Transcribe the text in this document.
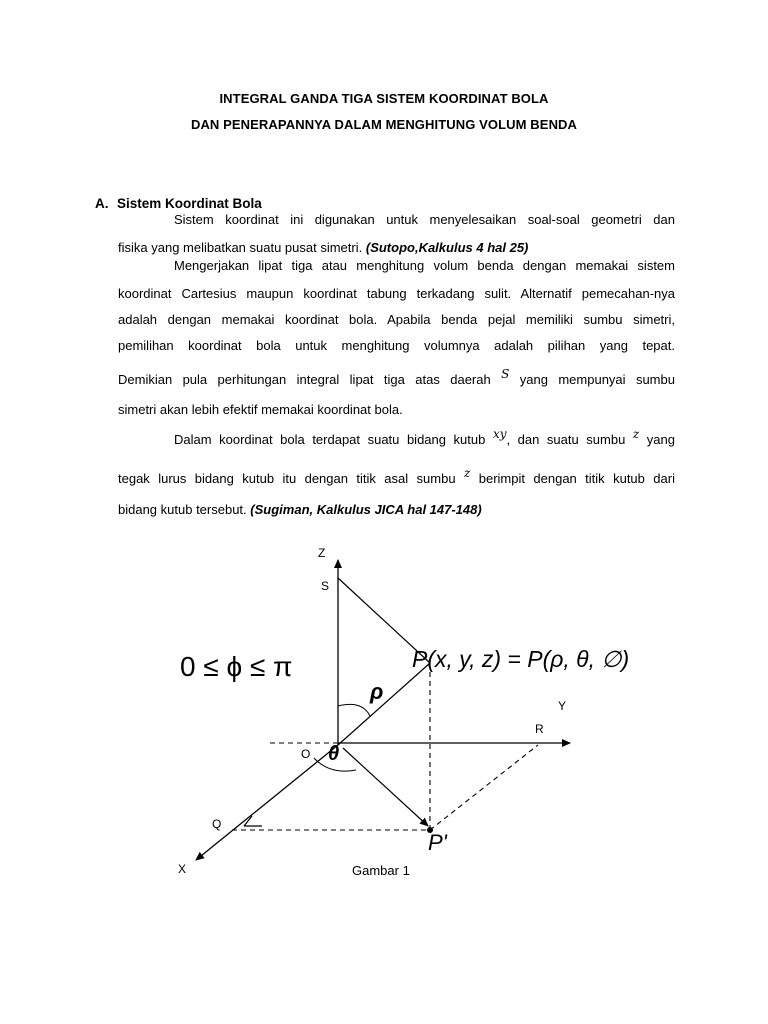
INTEGRAL GANDA TIGA SISTEM KOORDINAT BOLA
DAN PENERAPANNYA DALAM MENGHITUNG VOLUM BENDA
A. Sistem Koordinat Bola
Sistem koordinat ini digunakan untuk menyelesaikan soal-soal geometri dan
fisika yang melibatkan suatu pusat simetri. (Sutopo,Kalkulus 4 hal 25)
Mengerjakan lipat tiga atau menghitung volum benda dengan memakai sistem
koordinat Cartesius maupun koordinat tabung terkadang sulit. Alternatif pemecahan-nya
adalah dengan memakai koordinat bola. Apabila benda pejal memiliki sumbu simetri,
pemilihan koordinat bola untuk menghitung volumnya adalah pilihan yang tepat.
Demikian pula perhitungan integral lipat tiga atas daerah S yang mempunyai sumbu
simetri akan lebih efektif memakai koordinat bola.
Dalam koordinat bola terdapat suatu bidang kutub xy, dan suatu sumbu z yang
tegak lurus bidang kutub itu dengan titik asal sumbu z berimpit dengan titik kutub dari
bidang kutub tersebut. (Sugiman, Kalkulus JICA hal 147-148)
Z
S
Y
R
O
Q
X
0 ≤ ϕ ≤ π	P(x, y, z) = P(ρ, θ, ∅)
ρ
θ
P'
Gambar 1
